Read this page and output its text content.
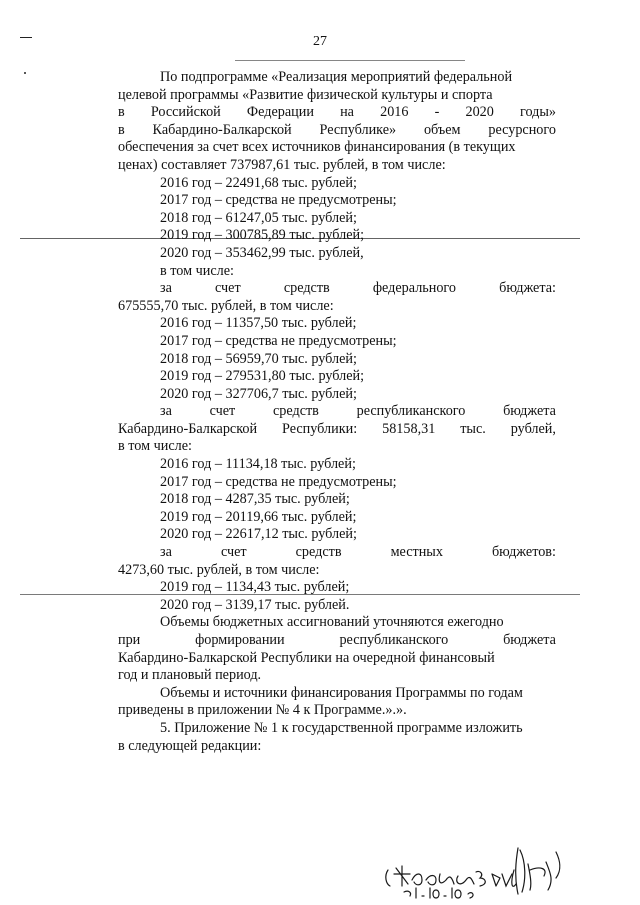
27
По подпрограмме «Реализация мероприятий федеральной
целевой программы «Развитие физической культуры и спорта
в Российской Федерации на 2016 - 2020 годы»
в Кабардино-Балкарской Республике» объем ресурсного
обеспечения за счет всех источников финансирования (в текущих
ценах) составляет 737987,61 тыс. рублей, в том числе:
2016 год – 22491,68 тыс. рублей;
2017 год – средства не предусмотрены;
2018 год – 61247,05 тыс. рублей;
2019 год – 300785,89 тыс. рублей;
2020 год – 353462,99 тыс. рублей,
в том числе:
за	счет	средств	федерального	бюджета:
675555,70 тыс. рублей, в том числе:
2016 год – 11357,50 тыс. рублей;
2017 год – средства не предусмотрены;
2018 год – 56959,70 тыс. рублей;
2019 год – 279531,80 тыс. рублей;
2020 год – 327706,7 тыс. рублей;
за	счет	средств	республиканского	бюджета
Кабардино-Балкарской Республики: 58158,31 тыс. рублей,
в том числе:
2016 год – 11134,18 тыс. рублей;
2017 год – средства не предусмотрены;
2018 год – 4287,35 тыс. рублей;
2019 год – 20119,66 тыс. рублей;
2020 год – 22617,12 тыс. рублей;
за	счет	средств	местных	бюджетов:
4273,60 тыс. рублей, в том числе:
2019 год – 1134,43 тыс. рублей;
2020 год – 3139,17 тыс. рублей.
Объемы бюджетных ассигнований уточняются ежегодно
при	формировании	республиканского	бюджета
Кабардино-Балкарской Республики на очередной финансовый
год и плановый период.
Объемы и источники финансирования Программы по годам
приведены в приложении № 4 к Программе.».».
5. Приложение № 1 к государственной программе изложить
в следующей редакции:
